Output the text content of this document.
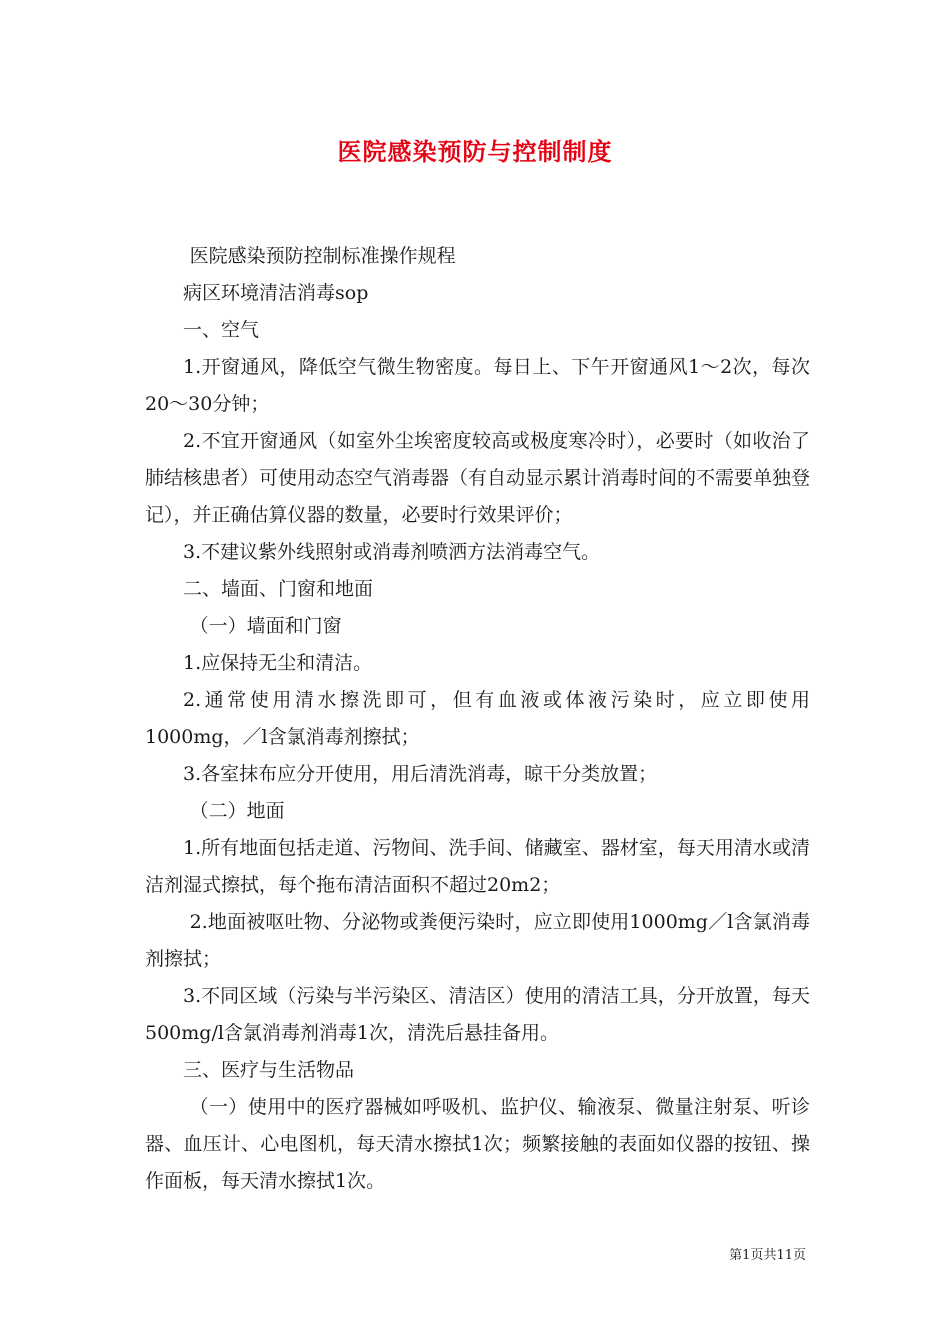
医院感染预防与控制制度

医院感染预防控制标准操作规程

病区环境清洁消毒sop

一、空气

1.开窗通风，降低空气微生物密度。每日上、下午开窗通风1～2次，每次20～30分钟；

2.不宜开窗通风（如室外尘埃密度较高或极度寒冷时），必要时（如收治了肺结核患者）可使用动态空气消毒器（有自动显示累计消毒时间的不需要单独登记），并正确估算仪器的数量，必要时行效果评价；

3.不建议紫外线照射或消毒剂喷洒方法消毒空气。

二、墙面、门窗和地面

（一）墙面和门窗

1.应保持无尘和清洁。

2.通常使用清水擦洗即可，但有血液或体液污染时，应立即使用1000mg，／l含氯消毒剂擦拭；

3.各室抹布应分开使用，用后清洗消毒，晾干分类放置；

（二）地面

1.所有地面包括走道、污物间、洗手间、储藏室、器材室，每天用清水或清洁剂湿式擦拭，每个拖布清洁面积不超过20m2；

2.地面被呕吐物、分泌物或粪便污染时，应立即使用1000mg／l含氯消毒剂擦拭；

3.不同区域（污染与半污染区、清洁区）使用的清洁工具，分开放置，每天500mg/l含氯消毒剂消毒1次，清洗后悬挂备用。

三、医疗与生活物品

（一）使用中的医疗器械如呼吸机、监护仪、输液泵、微量注射泵、听诊器、血压计、心电图机，每天清水擦拭1次；频繁接触的表面如仪器的按钮、操作面板，每天清水擦拭1次。

第1页共11页
